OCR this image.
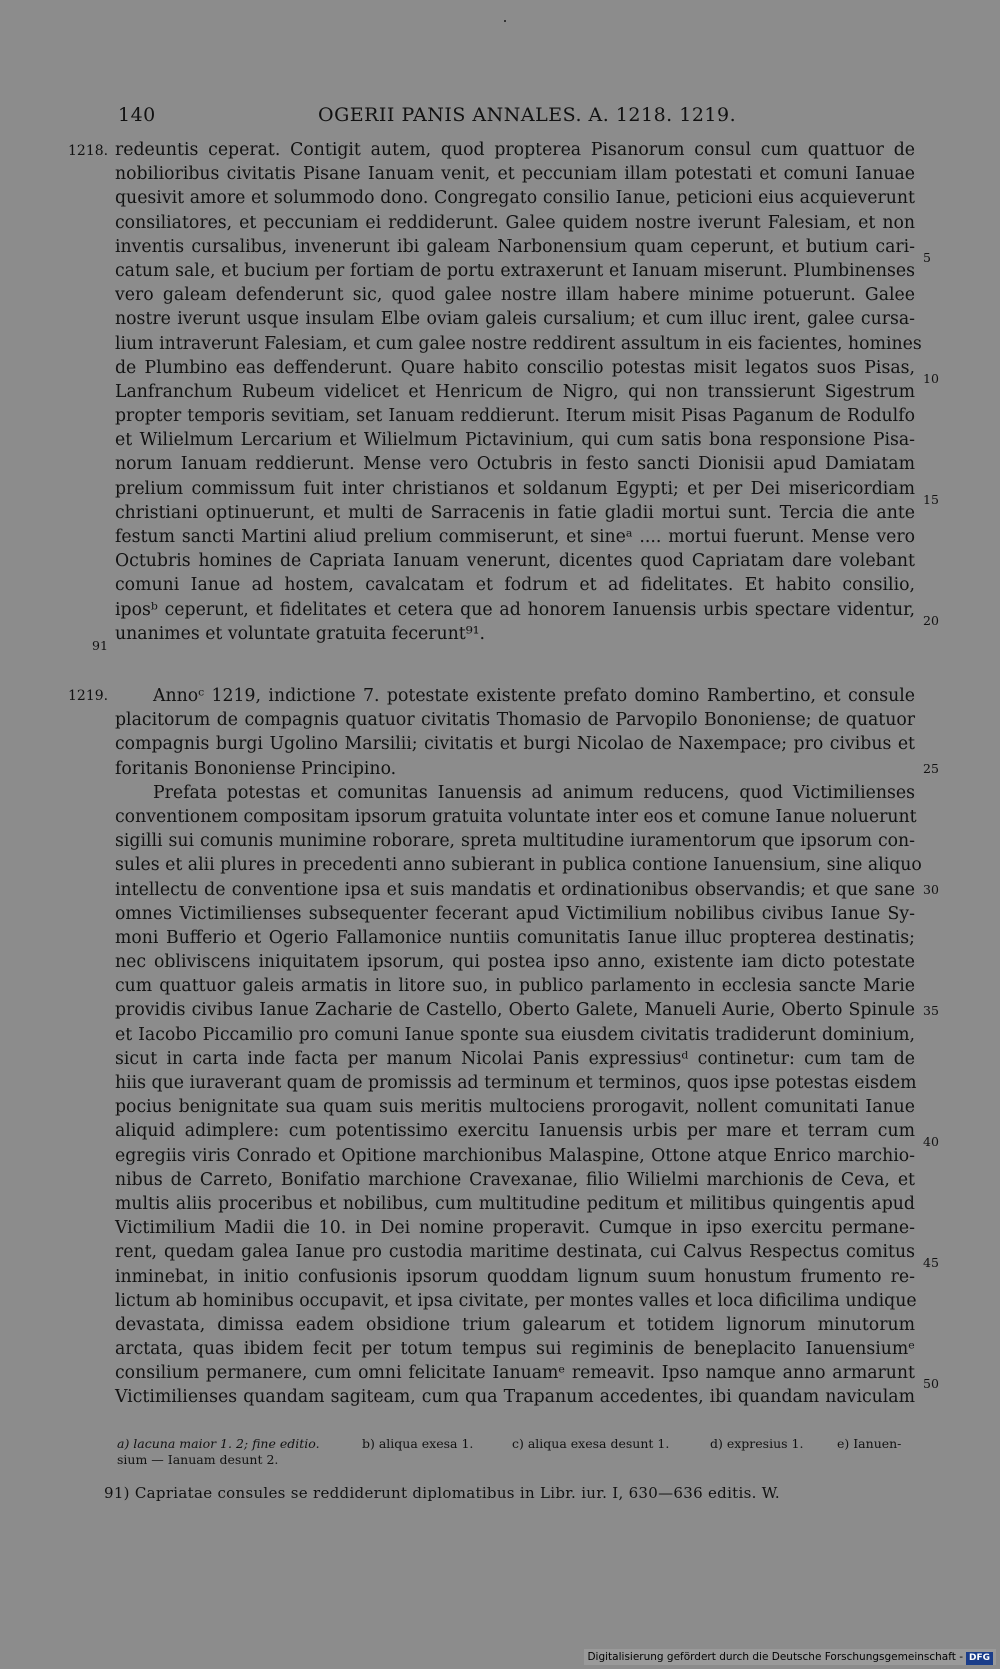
140	OGERII PANIS ANNALES. A. 1218. 1219.
1218.
91
1219.
5
10
15
20
25
30
35
40
45
50
redeuntis ceperat. Contigit autem, quod propterea Pisanorum consul cum quattuor de
nobilioribus civitatis Pisane Ianuam venit, et peccuniam illam potestati et comuni Ianuae
quesivit amore et solummodo dono. Congregato consilio Ianue, peticioni eius acquieverunt
consiliatores, et peccuniam ei reddiderunt. Galee quidem nostre iverunt Falesiam, et non
inventis cursalibus, invenerunt ibi galeam Narbonensium quam ceperunt, et butium cari-
catum sale, et bucium per fortiam de portu extraxerunt et Ianuam miserunt. Plumbinenses
vero galeam defenderunt sic, quod galee nostre illam habere minime potuerunt. Galee
nostre iverunt usque insulam Elbe oviam galeis cursalium; et cum illuc irent, galee cursa-
lium intraverunt Falesiam, et cum galee nostre reddirent assultum in eis facientes, homines
de Plumbino eas deffenderunt. Quare habito conscilio potestas misit legatos suos Pisas,
Lanfranchum Rubeum videlicet et Henricum de Nigro, qui non transsierunt Sigestrum
propter temporis sevitiam, set Ianuam reddierunt. Iterum misit Pisas Paganum de Rodulfo
et Wilielmum Lercarium et Wilielmum Pictavinium, qui cum satis bona responsione Pisa-
norum Ianuam reddierunt. Mense vero Octubris in festo sancti Dionisii apud Damiatam
prelium commissum fuit inter christianos et soldanum Egypti; et per Dei misericordiam
christiani optinuerunt, et multi de Sarracenis in fatie gladii mortui sunt. Tercia die ante
festum sancti Martini aliud prelium commiserunt, et sineᵃ .... mortui fuerunt. Mense vero
Octubris homines de Capriata Ianuam venerunt, dicentes quod Capriatam dare volebant
comuni Ianue ad hostem, cavalcatam et fodrum et ad fidelitates. Et habito consilio,
iposᵇ ceperunt, et fidelitates et cetera que ad honorem Ianuensis urbis spectare videntur,
unanimes et voluntate gratuita fecerunt⁹¹.
Annoᶜ 1219, indictione 7. potestate existente prefato domino Rambertino, et consule
placitorum de compagnis quatuor civitatis Thomasio de Parvopilo Bononiense; de quatuor
compagnis burgi Ugolino Marsilii; civitatis et burgi Nicolao de Naxempace; pro civibus et
foritanis Bononiense Principino.
Prefata potestas et comunitas Ianuensis ad animum reducens, quod Victimilienses
conventionem compositam ipsorum gratuita voluntate inter eos et comune Ianue noluerunt
sigilli sui comunis munimine roborare, spreta multitudine iuramentorum que ipsorum con-
sules et alii plures in precedenti anno subierant in publica contione Ianuensium, sine aliquo
intellectu de conventione ipsa et suis mandatis et ordinationibus observandis; et que sane
omnes Victimilienses subsequenter fecerant apud Victimilium nobilibus civibus Ianue Sy-
moni Bufferio et Ogerio Fallamonice nuntiis comunitatis Ianue illuc propterea destinatis;
nec obliviscens iniquitatem ipsorum, qui postea ipso anno, existente iam dicto potestate
cum quattuor galeis armatis in litore suo, in publico parlamento in ecclesia sancte Marie
providis civibus Ianue Zacharie de Castello, Oberto Galete, Manueli Aurie, Oberto Spinule
et Iacobo Piccamilio pro comuni Ianue sponte sua eiusdem civitatis tradiderunt dominium,
sicut in carta inde facta per manum Nicolai Panis expressiusᵈ continetur: cum tam de
hiis que iuraverant quam de promissis ad terminum et terminos, quos ipse potestas eisdem
pocius benignitate sua quam suis meritis multociens prorogavit, nollent comunitati Ianue
aliquid adimplere: cum potentissimo exercitu Ianuensis urbis per mare et terram cum
egregiis viris Conrado et Opitione marchionibus Malaspine, Ottone atque Enrico marchio-
nibus de Carreto, Bonifatio marchione Cravexanae, filio Wilielmi marchionis de Ceva, et
multis aliis proceribus et nobilibus, cum multitudine peditum et militibus quingentis apud
Victimilium Madii die 10. in Dei nomine properavit. Cumque in ipso exercitu permane-
rent, quedam galea Ianue pro custodia maritime destinata, cui Calvus Respectus comitus
inminebat, in initio confusionis ipsorum quoddam lignum suum honustum frumento re-
lictum ab hominibus occupavit, et ipsa civitate, per montes valles et loca dificilima undique
devastata, dimissa eadem obsidione trium galearum et totidem lignorum minutorum
arctata, quas ibidem fecit per totum tempus sui regiminis de beneplacito Ianuensiumᵉ
consilium permanere, cum omni felicitate Ianuamᵉ remeavit. Ipso namque anno armarunt
Victimilienses quandam sagiteam, cum qua Trapanum accedentes, ibi quandam naviculam
a) lacuna maior 1. 2; fine editio.	b) aliqua exesa 1.	c) aliqua exesa desunt 1.	d) expresius 1.	e) Ianuen-
sium — Ianuam desunt 2.
91) Capriatae consules se reddiderunt diplomatibus in Libr. iur. I, 630—636 editis. W.
Digitalisierung gefördert durch die Deutsche Forschungsgemeinschaft - DFG
